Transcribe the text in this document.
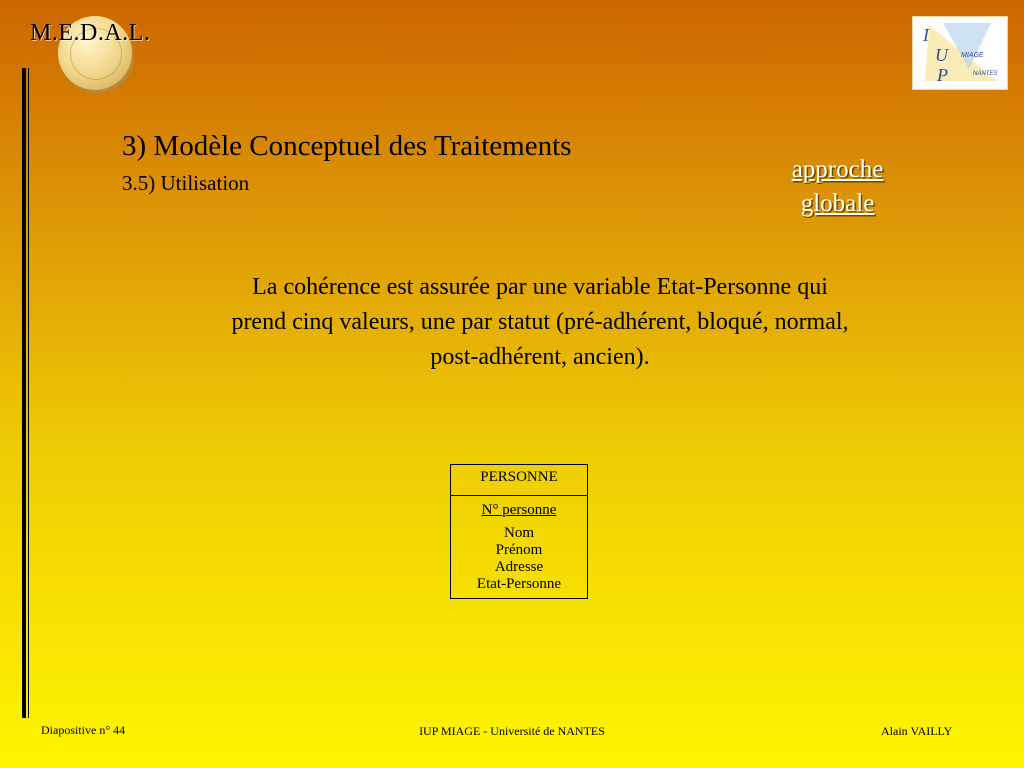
M.E.D.A.L.	I
U
P
MIAGE
NANTES
3) Modèle Conceptuel des Traitements
3.5) Utilisation	approche
globale
La cohérence est assurée par une variable Etat-Personne qui
prend cinq valeurs, une par statut (pré-adhérent, bloqué, normal,
post-adhérent, ancien).
PERSONNE
N° personne
Nom
Prénom
Adresse
Etat-Personne
Diapositive n° 44	IUP MIAGE - Université de NANTES	Alain VAILLY
